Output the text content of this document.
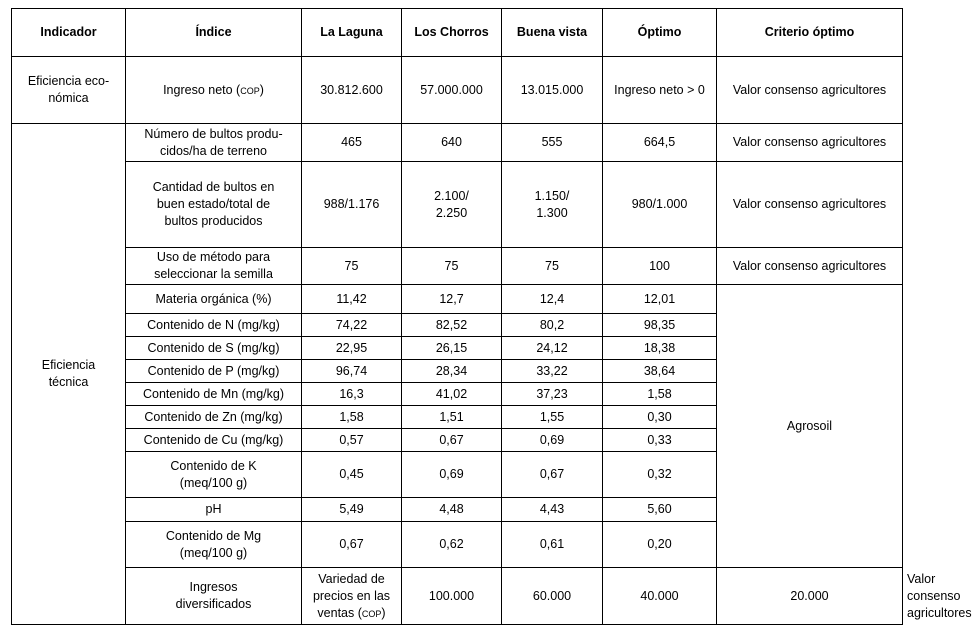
Indicador	Índice	La Laguna	Los Chorros	Buena vista	Óptimo	Criterio óptimo	

Eficiencia eco-
nómica	Ingreso neto (cop)	30.812.600	57.000.000	13.015.000	Ingreso neto > 0	Valor consenso agricultores	

Eficiencia
técnica	Número de bultos produ-
cidos/ha de terreno	465	640	555	664,5	Valor consenso agricultores	

	Cantidad de bultos en
buen estado/total de
bultos producidos	988/1.176	2.100/
2.250	1.150/
1.300	980/1.000	Valor consenso agricultores	

	Uso de método para
seleccionar la semilla	75	75	75	100	Valor consenso agricultores	
	Materia orgánica (%)	11,42	12,7	12,4	12,01	Agrosoil	
	Contenido de N (mg/kg)	74,22	82,52	80,2	98,35		
	Contenido de S (mg/kg)	22,95	26,15	24,12	18,38		
	Contenido de P (mg/kg)	96,74	28,34	33,22	38,64		
	Contenido de Mn (mg/kg)	16,3	41,02	37,23	1,58		
	Contenido de Zn (mg/kg)	1,58	1,51	1,55	0,30		
	Contenido de Cu (mg/kg)	0,57	0,67	0,69	0,33		

	Contenido de K
(meq/100 g)	0,45	0,69	0,67	0,32		
	pH	5,49	4,48	4,43	5,60		

	Contenido de Mg
(meq/100 g)	0,67	0,62	0,61	0,20		

	Ingresos
diversificados	Variedad de precios en las
ventas (cop)	100.000	60.000	40.000	20.000	Valor consenso agricultores
